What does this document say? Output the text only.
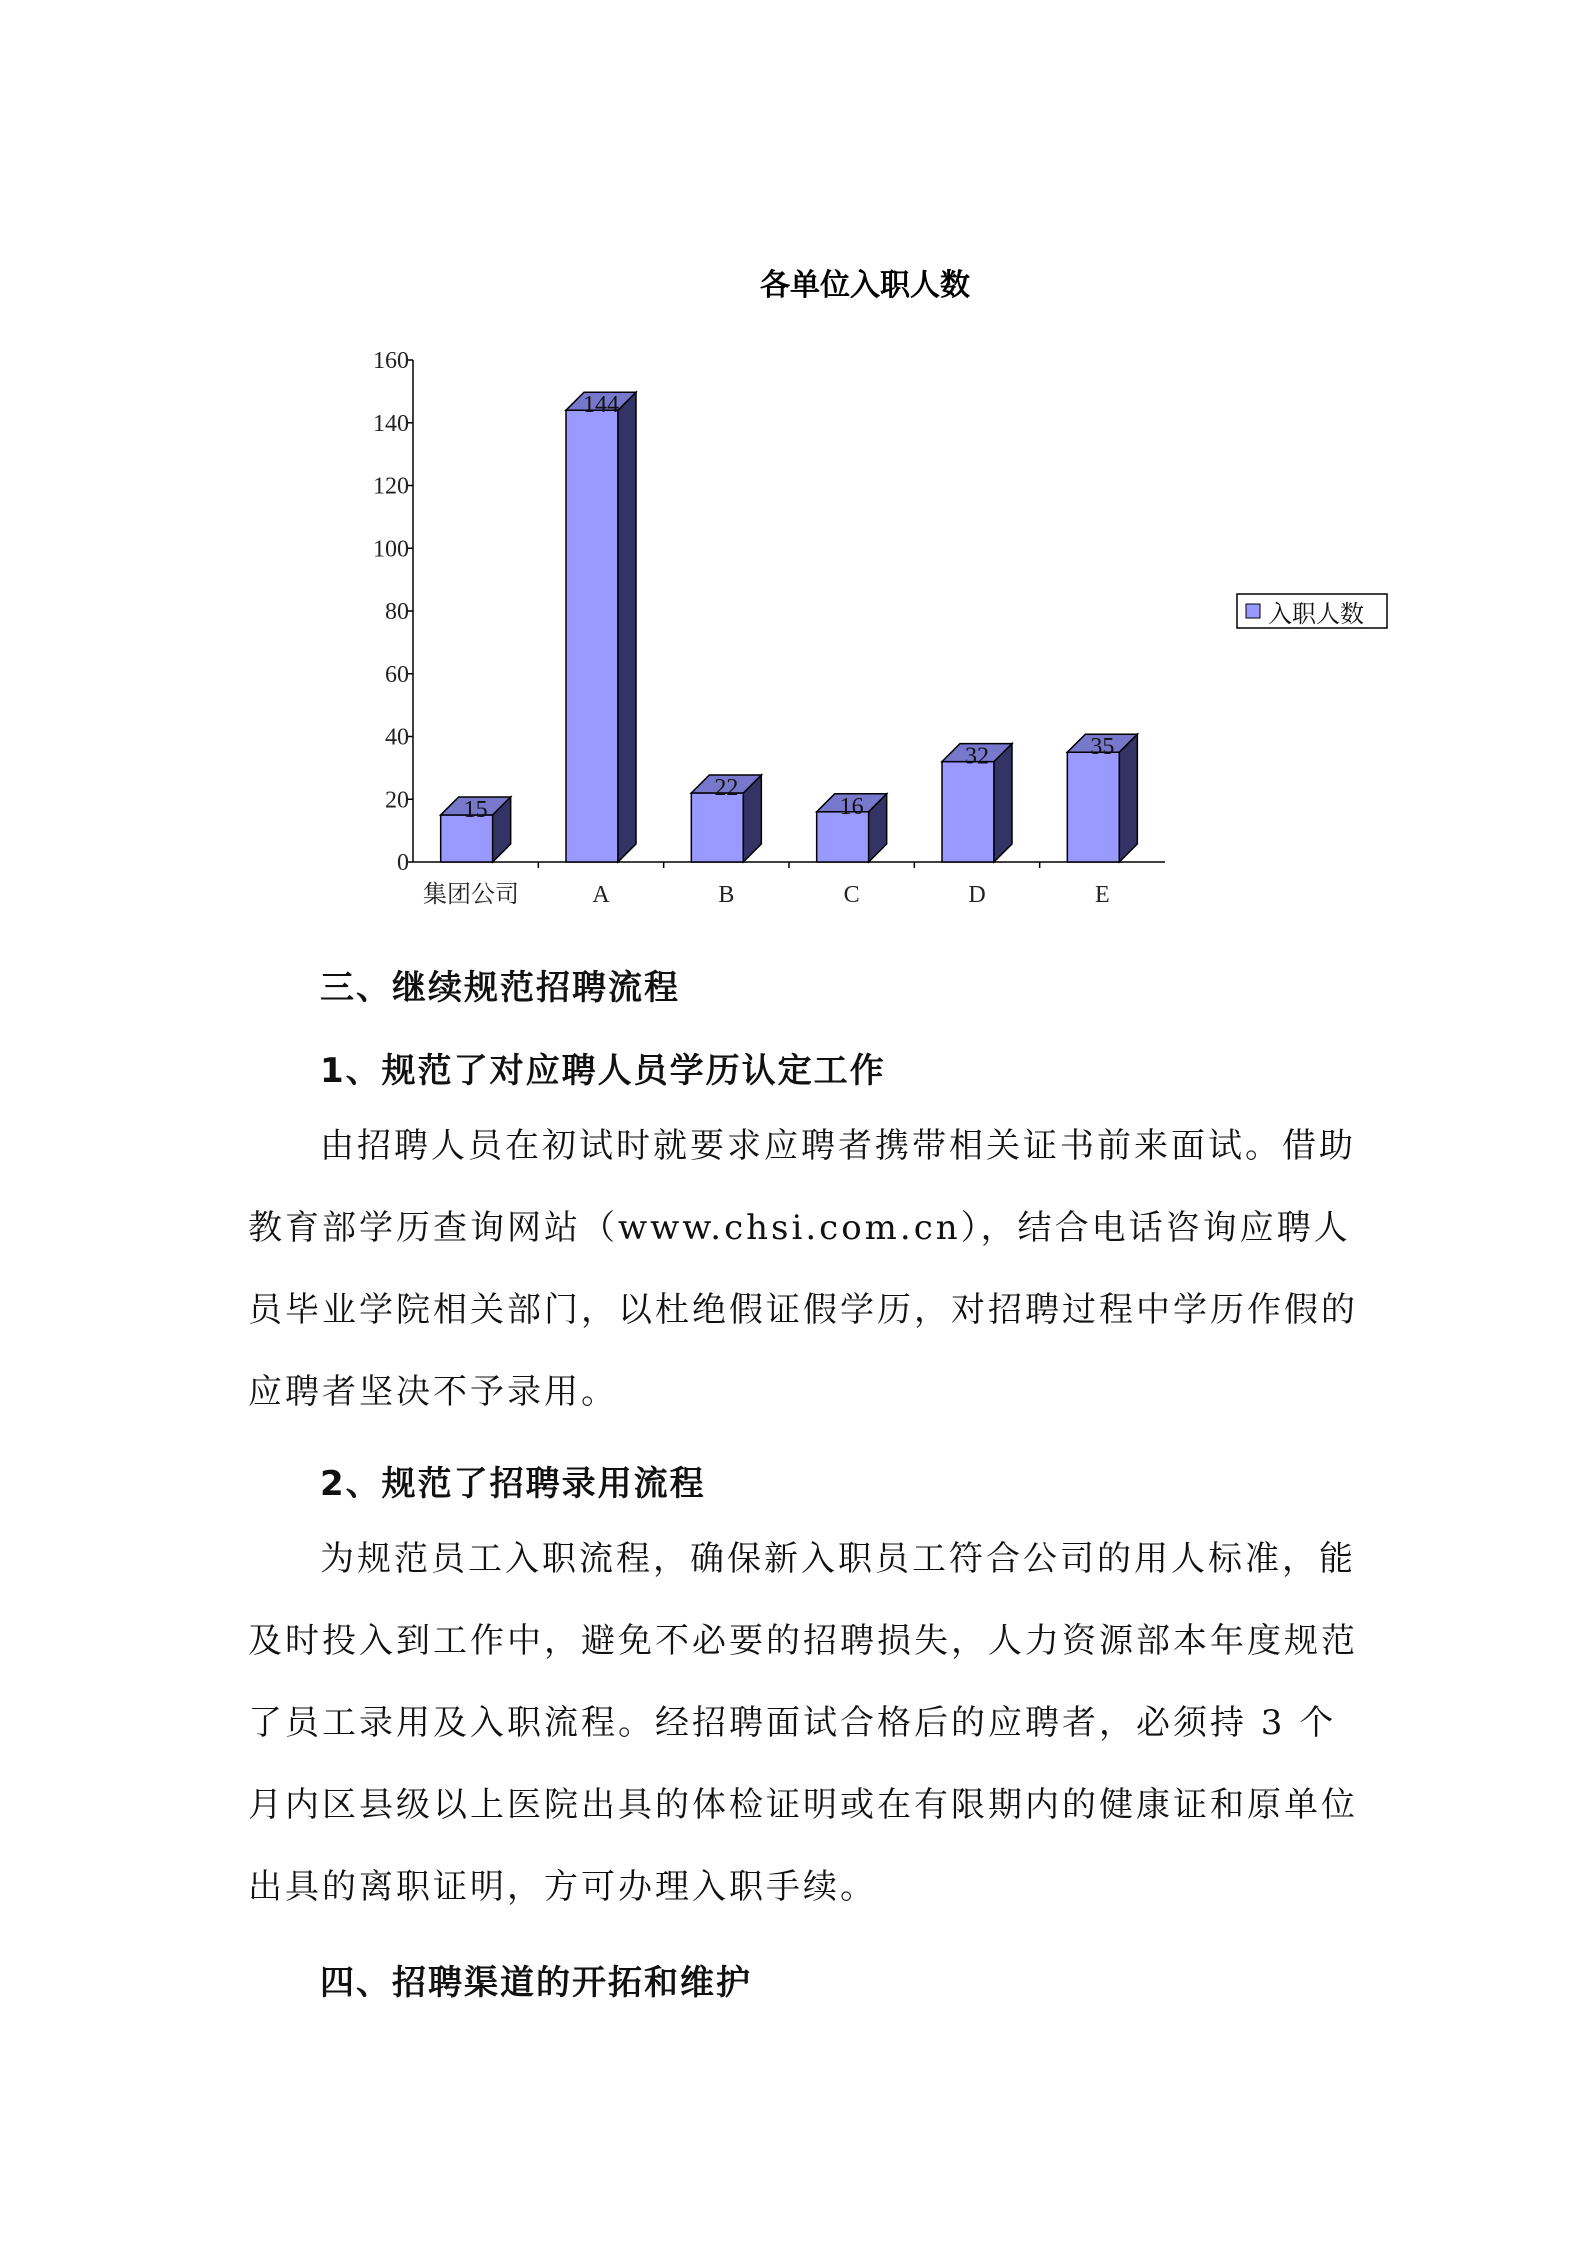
各单位入职人数
0
20
40
60
80
100
120
140
160
集团公司	A	B	C	D	E
15
144
22
16
32	35
入职人数
三、继续规范招聘流程
1、规范了对应聘人员学历认定工作

由招聘人员在初试时就要求应聘者携带相关证书前来面试。借助教育部学历查询网站（www.chsi.com.cn），结合电话咨询应聘人员毕业学院相关部门，以杜绝假证假学历，对招聘过程中学历作假的应聘者坚决不予录用。

2、规范了招聘录用流程

为规范员工入职流程，确保新入职员工符合公司的用人标准，能及时投入到工作中，避免不必要的招聘损失，人力资源部本年度规范了员工录用及入职流程。经招聘面试合格后的应聘者，必须持 3 个月内区县级以上医院出具的体检证明或在有限期内的健康证和原单位出具的离职证明，方可办理入职手续。

四、招聘渠道的开拓和维护
